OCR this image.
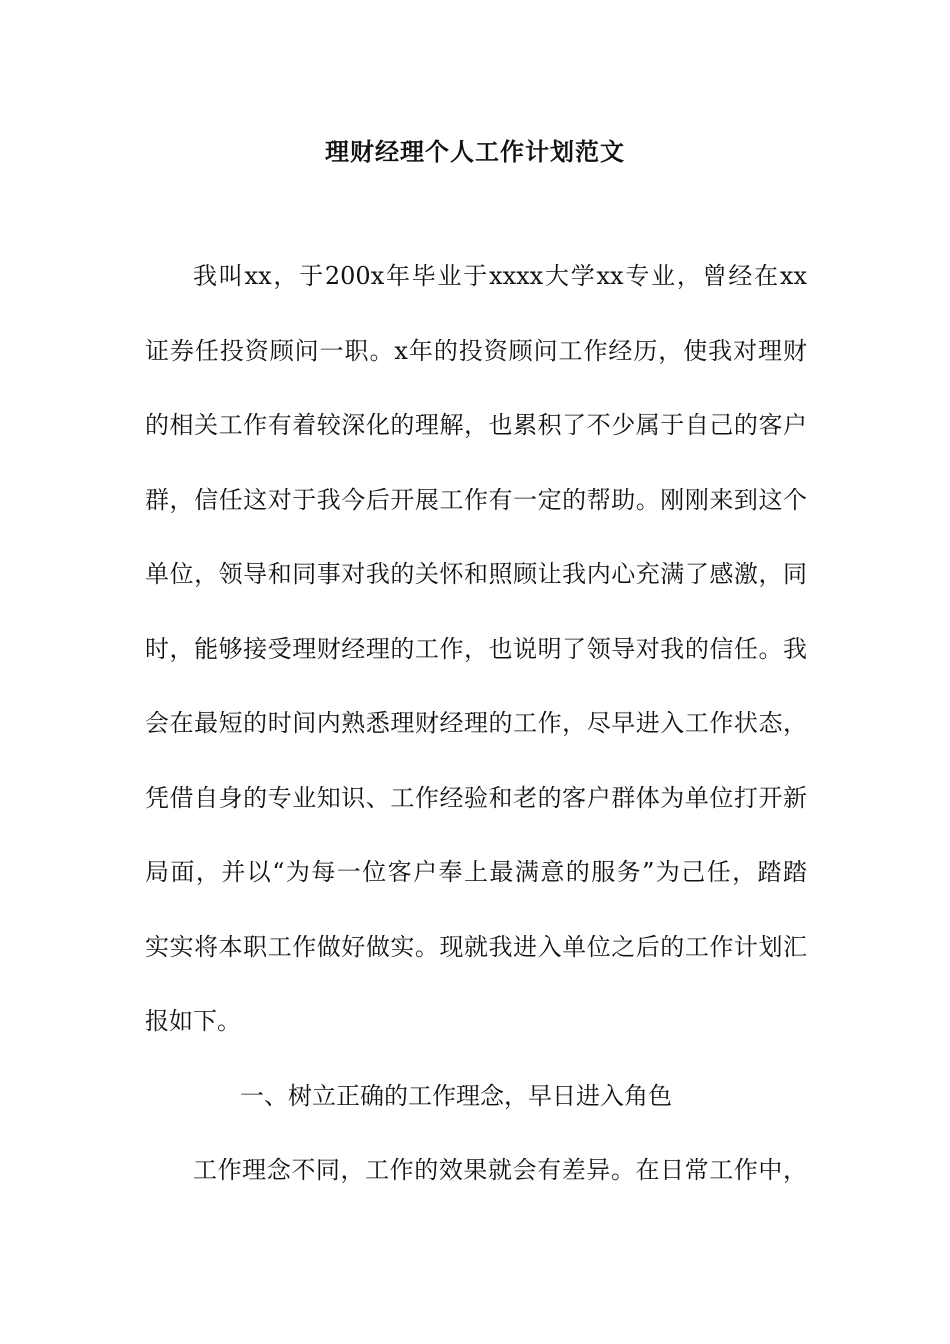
理财经理个人工作计划范文

我叫xx，于200x年毕业于xxxx大学xx专业，曾经在xx

证券任投资顾问一职。x年的投资顾问工作经历，使我对理财

的相关工作有着较深化的理解，也累积了不少属于自己的客户

群，信任这对于我今后开展工作有一定的帮助。刚刚来到这个

单位，领导和同事对我的关怀和照顾让我内心充满了感激，同

时，能够接受理财经理的工作，也说明了领导对我的信任。我

会在最短的时间内熟悉理财经理的工作，尽早进入工作状态，

凭借自身的专业知识、工作经验和老的客户群体为单位打开新

局面，并以“为每一位客户奉上最满意的服务”为己任，踏踏

实实将本职工作做好做实。现就我进入单位之后的工作计划汇

报如下。

一、树立正确的工作理念，早日进入角色

工作理念不同，工作的效果就会有差异。在日常工作中，
